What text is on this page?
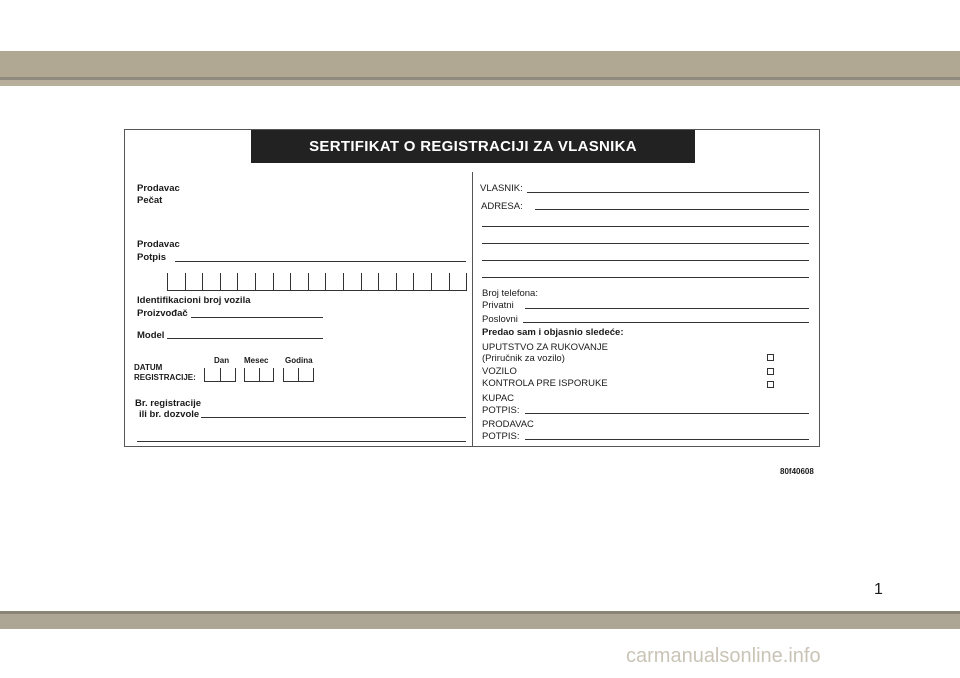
SERTIFIKAT O REGISTRACIJI ZA VLASNIKA
Prodavac
Pečat
Prodavac
Potpis
Identifikacioni broj vozila
Proizvođač
Model
Dan Mesec Godina
DATUM
REGISTRACIJE:
Br. registracije
ili br. dozvole
VLASNIK:
ADRESA:
Broj telefona:
Privatni
Poslovni
Predao sam i objasnio sledeće:
UPUTSTVO ZA RUKOVANJE
(Priručnik za vozilo)
VOZILO
KONTROLA PRE ISPORUKE
KUPAC
POTPIS:
PRODAVAC
POTPIS:
80f40608
1
carmanualsonline.info
